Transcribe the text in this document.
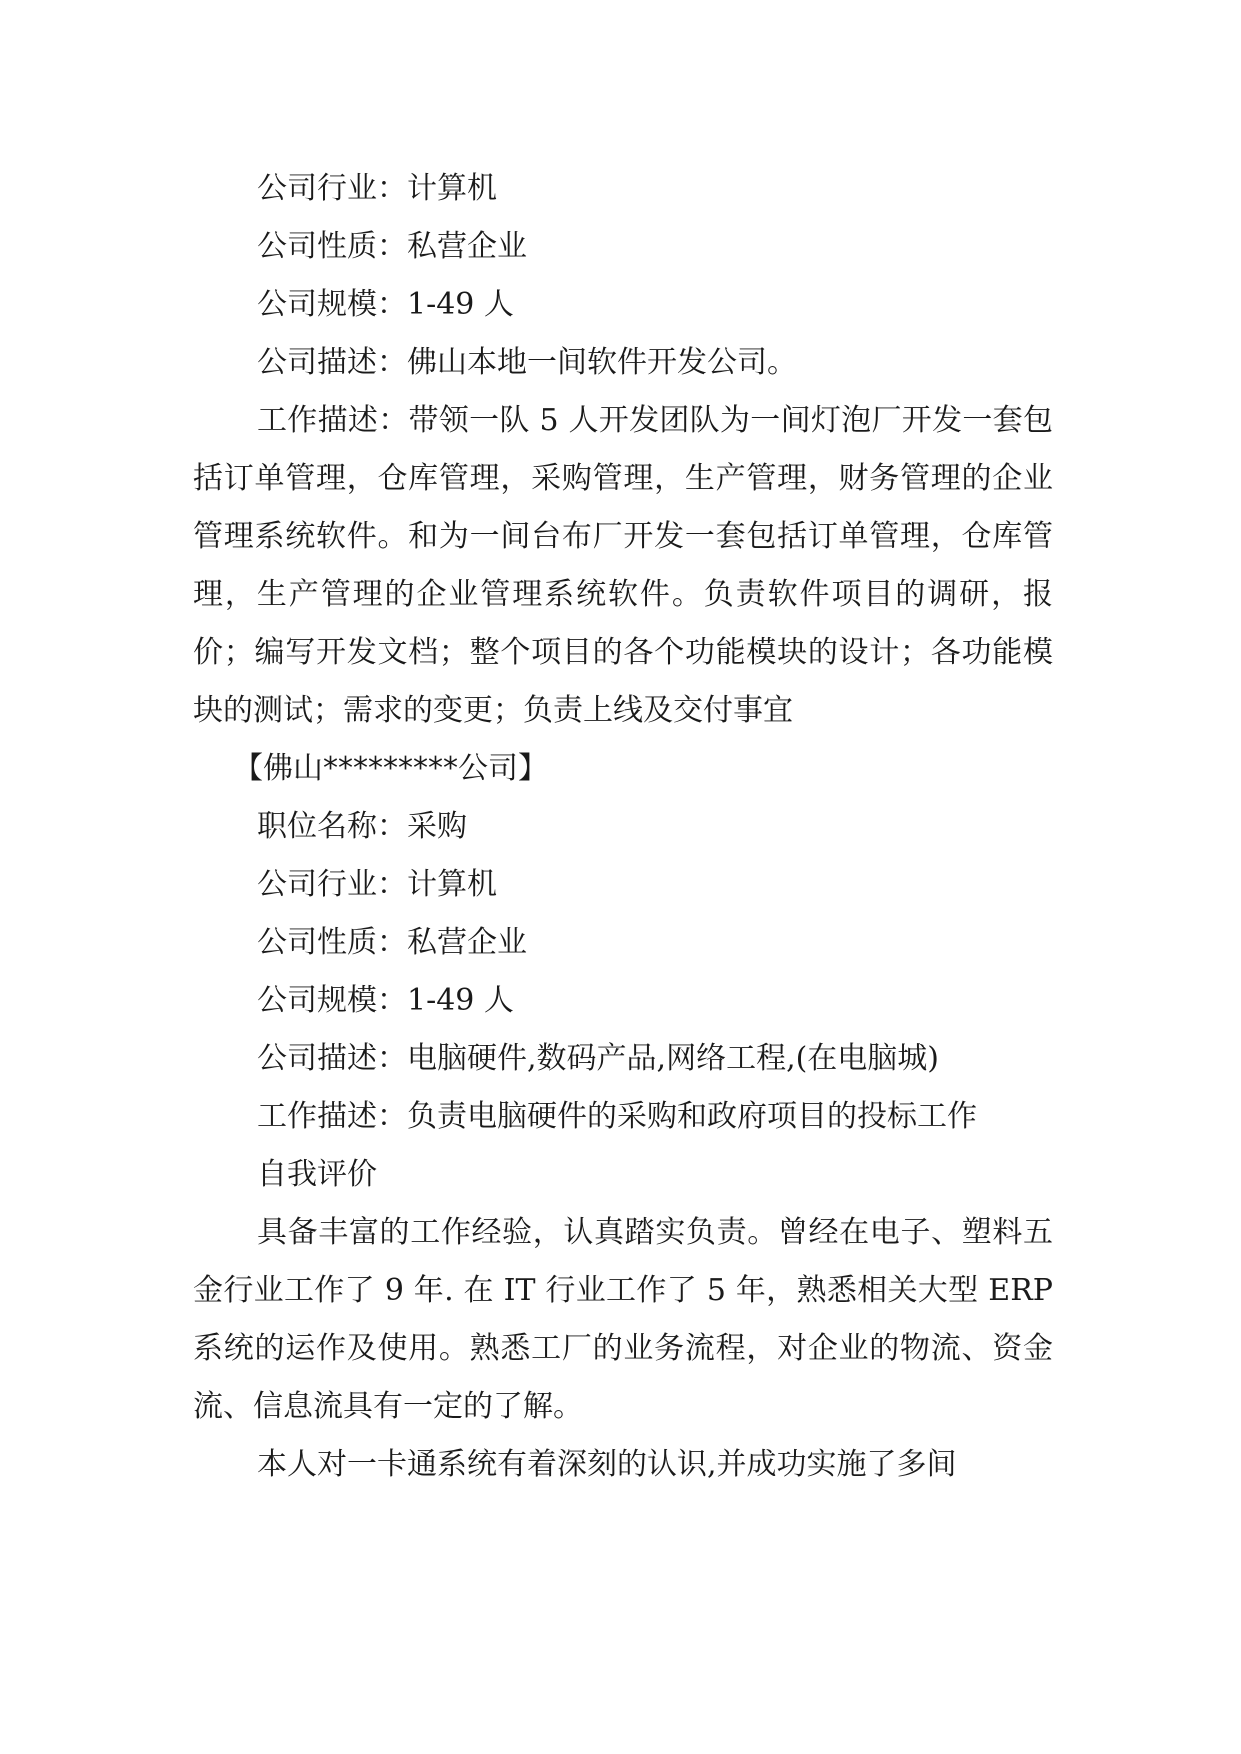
公司行业：计算机

公司性质：私营企业

公司规模：1-49 人

公司描述：佛山本地一间软件开发公司。

工作描述：带领一队 5 人开发团队为一间灯泡厂开发一套包括订单管理，仓库管理，采购管理，生产管理，财务管理的企业管理系统软件。和为一间台布厂开发一套包括订单管理，仓库管理，生产管理的企业管理系统软件。负责软件项目的调研，报价；编写开发文档；整个项目的各个功能模块的设计；各功能模块的测试；需求的变更；负责上线及交付事宜

【佛山*********公司】

职位名称：采购

公司行业：计算机

公司性质：私营企业

公司规模：1-49 人

公司描述：电脑硬件,数码产品,网络工程,(在电脑城)

工作描述：负责电脑硬件的采购和政府项目的投标工作

自我评价

具备丰富的工作经验，认真踏实负责。曾经在电子、塑料五金行业工作了 9 年. 在 IT 行业工作了 5 年，熟悉相关大型 ERP 系统的运作及使用。熟悉工厂的业务流程，对企业的物流、资金流、信息流具有一定的了解。

本人对一卡通系统有着深刻的认识,并成功实施了多间
